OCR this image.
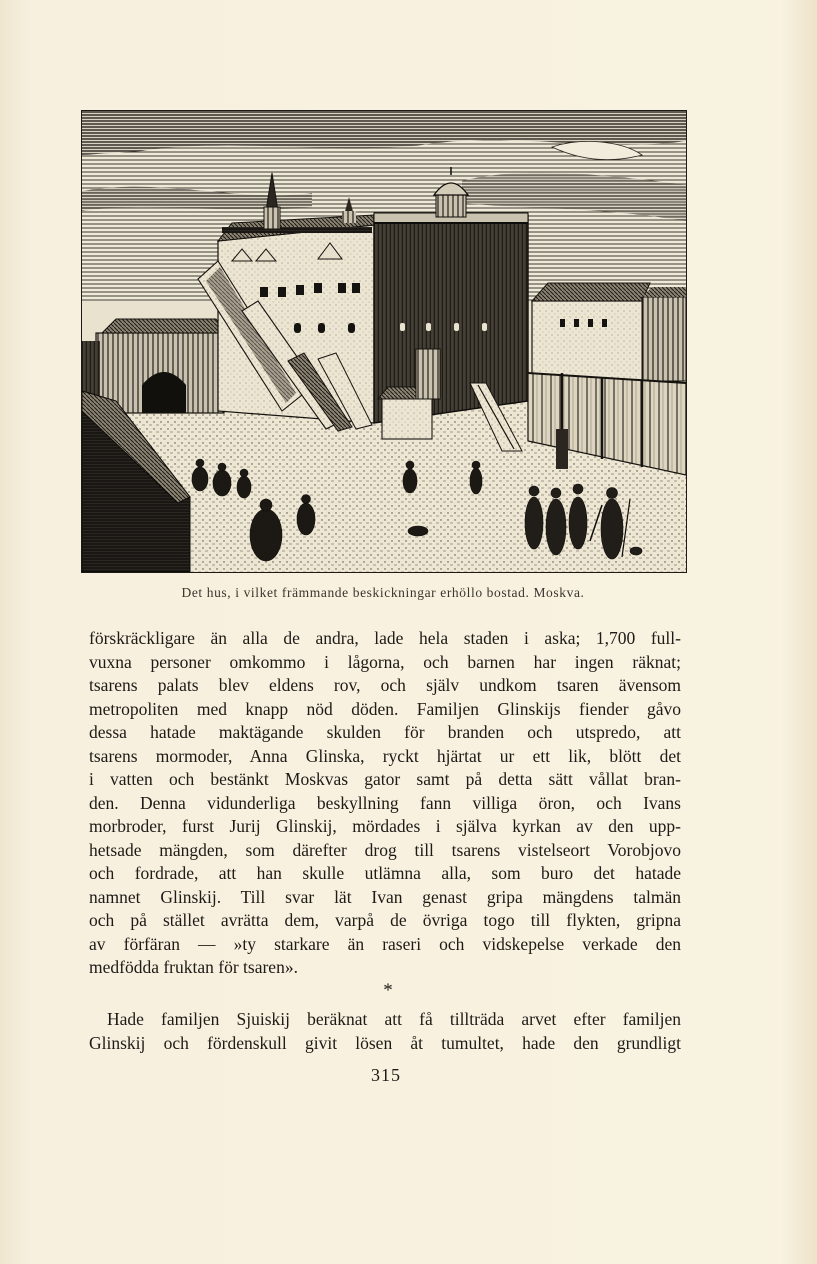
Det hus, i vilket främmande beskickningar erhöllo bostad. Moskva.
förskräckligare än alla de andra, lade hela staden i aska; 1,700 full-
vuxna personer omkommo i lågorna, och barnen har ingen räknat;
tsarens palats blev eldens rov, och själv undkom tsaren ävensom
metropoliten med knapp nöd döden. Familjen Glinskijs fiender gåvo
dessa hatade maktägande skulden för branden och utspredo, att
tsarens mormoder, Anna Glinska, ryckt hjärtat ur ett lik, blött det
i vatten och bestänkt Moskvas gator samt på detta sätt vållat bran-
den. Denna vidunderliga beskyllning fann villiga öron, och Ivans
morbroder, furst Jurij Glinskij, mördades i själva kyrkan av den upp-
hetsade mängden, som därefter drog till tsarens vistelseort Vorobjovo
och fordrade, att han skulle utlämna alla, som buro det hatade
namnet Glinskij. Till svar lät Ivan genast gripa mängdens talmän
och på stället avrätta dem, varpå de övriga togo till flykten, gripna
av förfäran — »ty starkare än raseri och vidskepelse verkade den
medfödda fruktan för tsaren».
*
Hade familjen Sjuiskij beräknat att få tillträda arvet efter familjen
Glinskij och fördenskull givit lösen åt tumultet, hade den grundligt
315
